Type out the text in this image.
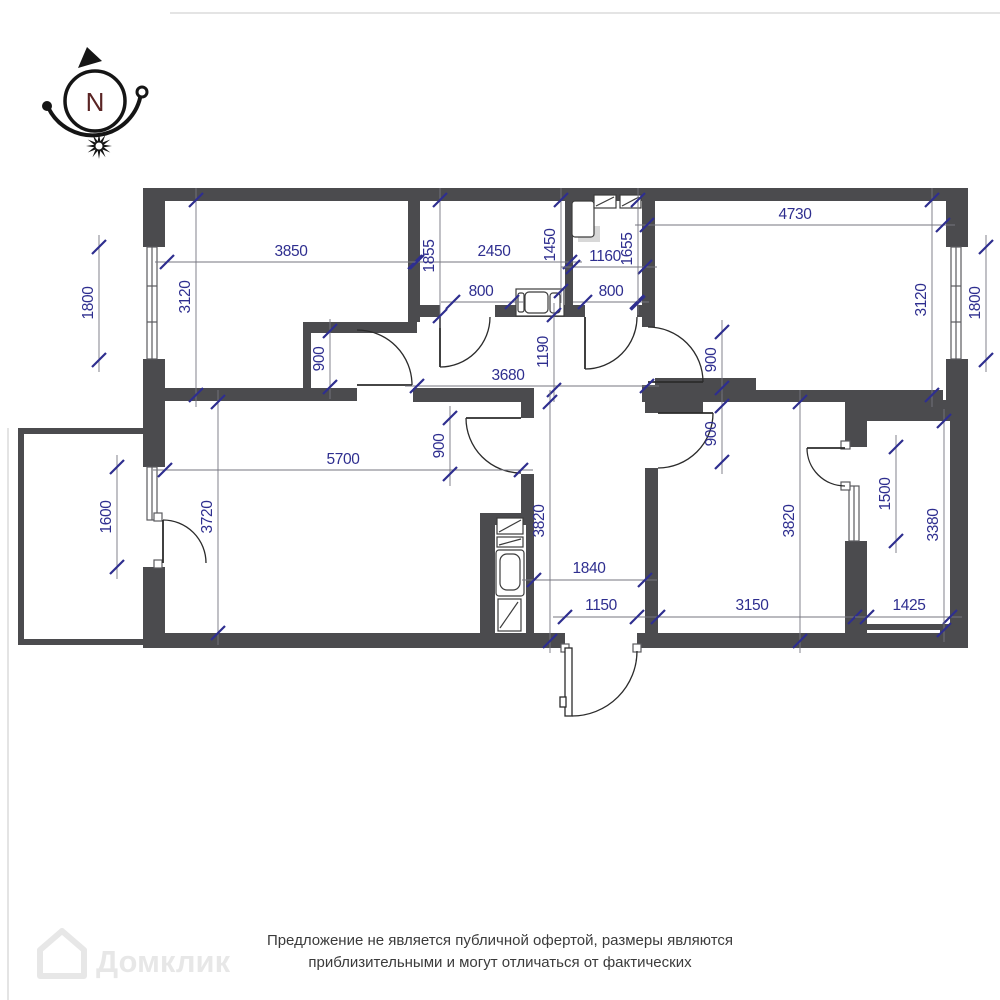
N
3850	2450	1160
4730
800	800
3680
5700
1840
1150	3150	1425
3120
1855	1450	1655
3120
1800	1800
900	1190	900
900	900
3720	3820	3820
1500
3380
1600
Домклик
Предложение не является публичной офертой, размеры являются
приблизительными и могут отличаться от фактических
